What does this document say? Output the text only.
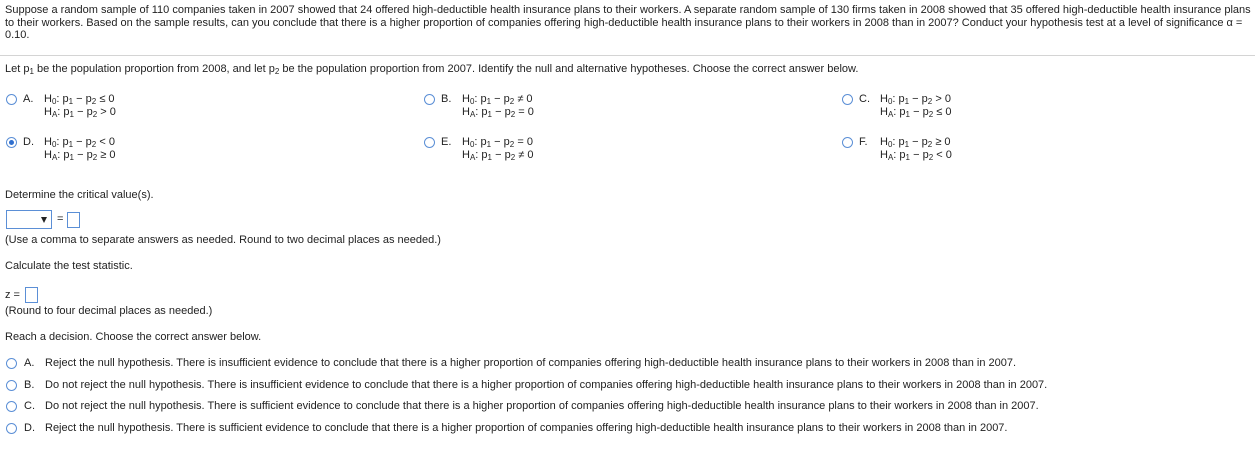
Suppose a random sample of 110 companies taken in 2007 showed that 24 offered high-deductible health insurance plans to their workers. A separate random sample of 130 firms taken in 2008 showed that 35 offered high-deductible health insurance plans to their workers. Based on the sample results, can you conclude that there is a higher proportion of companies offering high-deductible health insurance plans to their workers in 2008 than in 2007? Conduct your hypothesis test at a level of significance α = 0.10.
Let $p_1$ be the population proportion from 2008, and let $p_2$ be the population proportion from 2007. Identify the null and alternative hypotheses. Choose the correct answer below.
A. $H_0$: $p_1 - p_2 \le 0$
$H_A$: $p_1 - p_2 > 0$
B. $H_0$: $p_1 - p_2 \ne 0$
$H_A$: $p_1 - p_2 = 0$
C. $H_0$: $p_1 - p_2 > 0$
$H_A$: $p_1 - p_2 \le 0$
D. $H_0$: $p_1 - p_2 < 0$
$H_A$: $p_1 - p_2 \ge 0$
E. $H_0$: $p_1 - p_2 = 0$
$H_A$: $p_1 - p_2 \ne 0$
F. $H_0$: $p_1 - p_2 \ge 0$
$H_A$: $p_1 - p_2 < 0$
Determine the critical value(s).
=
(Use a comma to separate answers as needed. Round to two decimal places as needed.)
Calculate the test statistic.
z =
(Round to four decimal places as needed.)
Reach a decision. Choose the correct answer below.
A. Reject the null hypothesis. There is insufficient evidence to conclude that there is a higher proportion of companies offering high-deductible health insurance plans to their workers in 2008 than in 2007.
B. Do not reject the null hypothesis. There is insufficient evidence to conclude that there is a higher proportion of companies offering high-deductible health insurance plans to their workers in 2008 than in 2007.
C. Do not reject the null hypothesis. There is sufficient evidence to conclude that there is a higher proportion of companies offering high-deductible health insurance plans to their workers in 2008 than in 2007.
D. Reject the null hypothesis. There is sufficient evidence to conclude that there is a higher proportion of companies offering high-deductible health insurance plans to their workers in 2008 than in 2007.
